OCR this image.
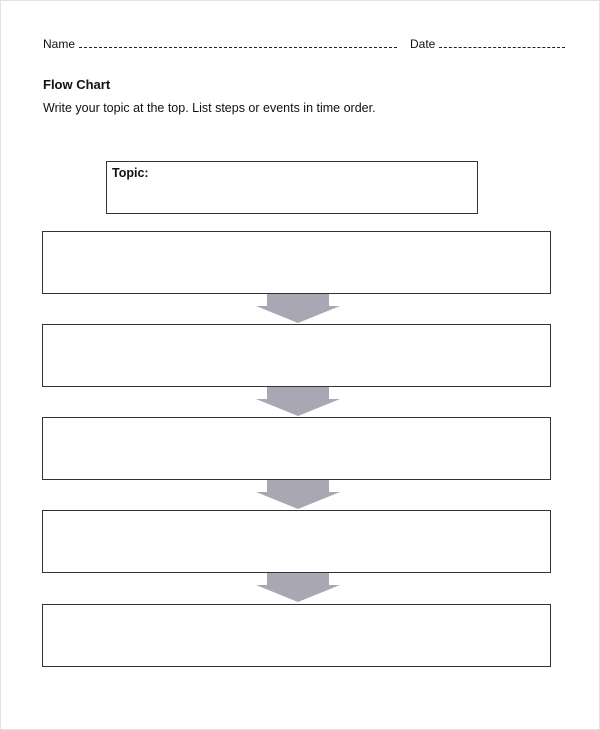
Name	Date
Flow Chart
Write your topic at the top. List steps or events in time order.
Topic:
